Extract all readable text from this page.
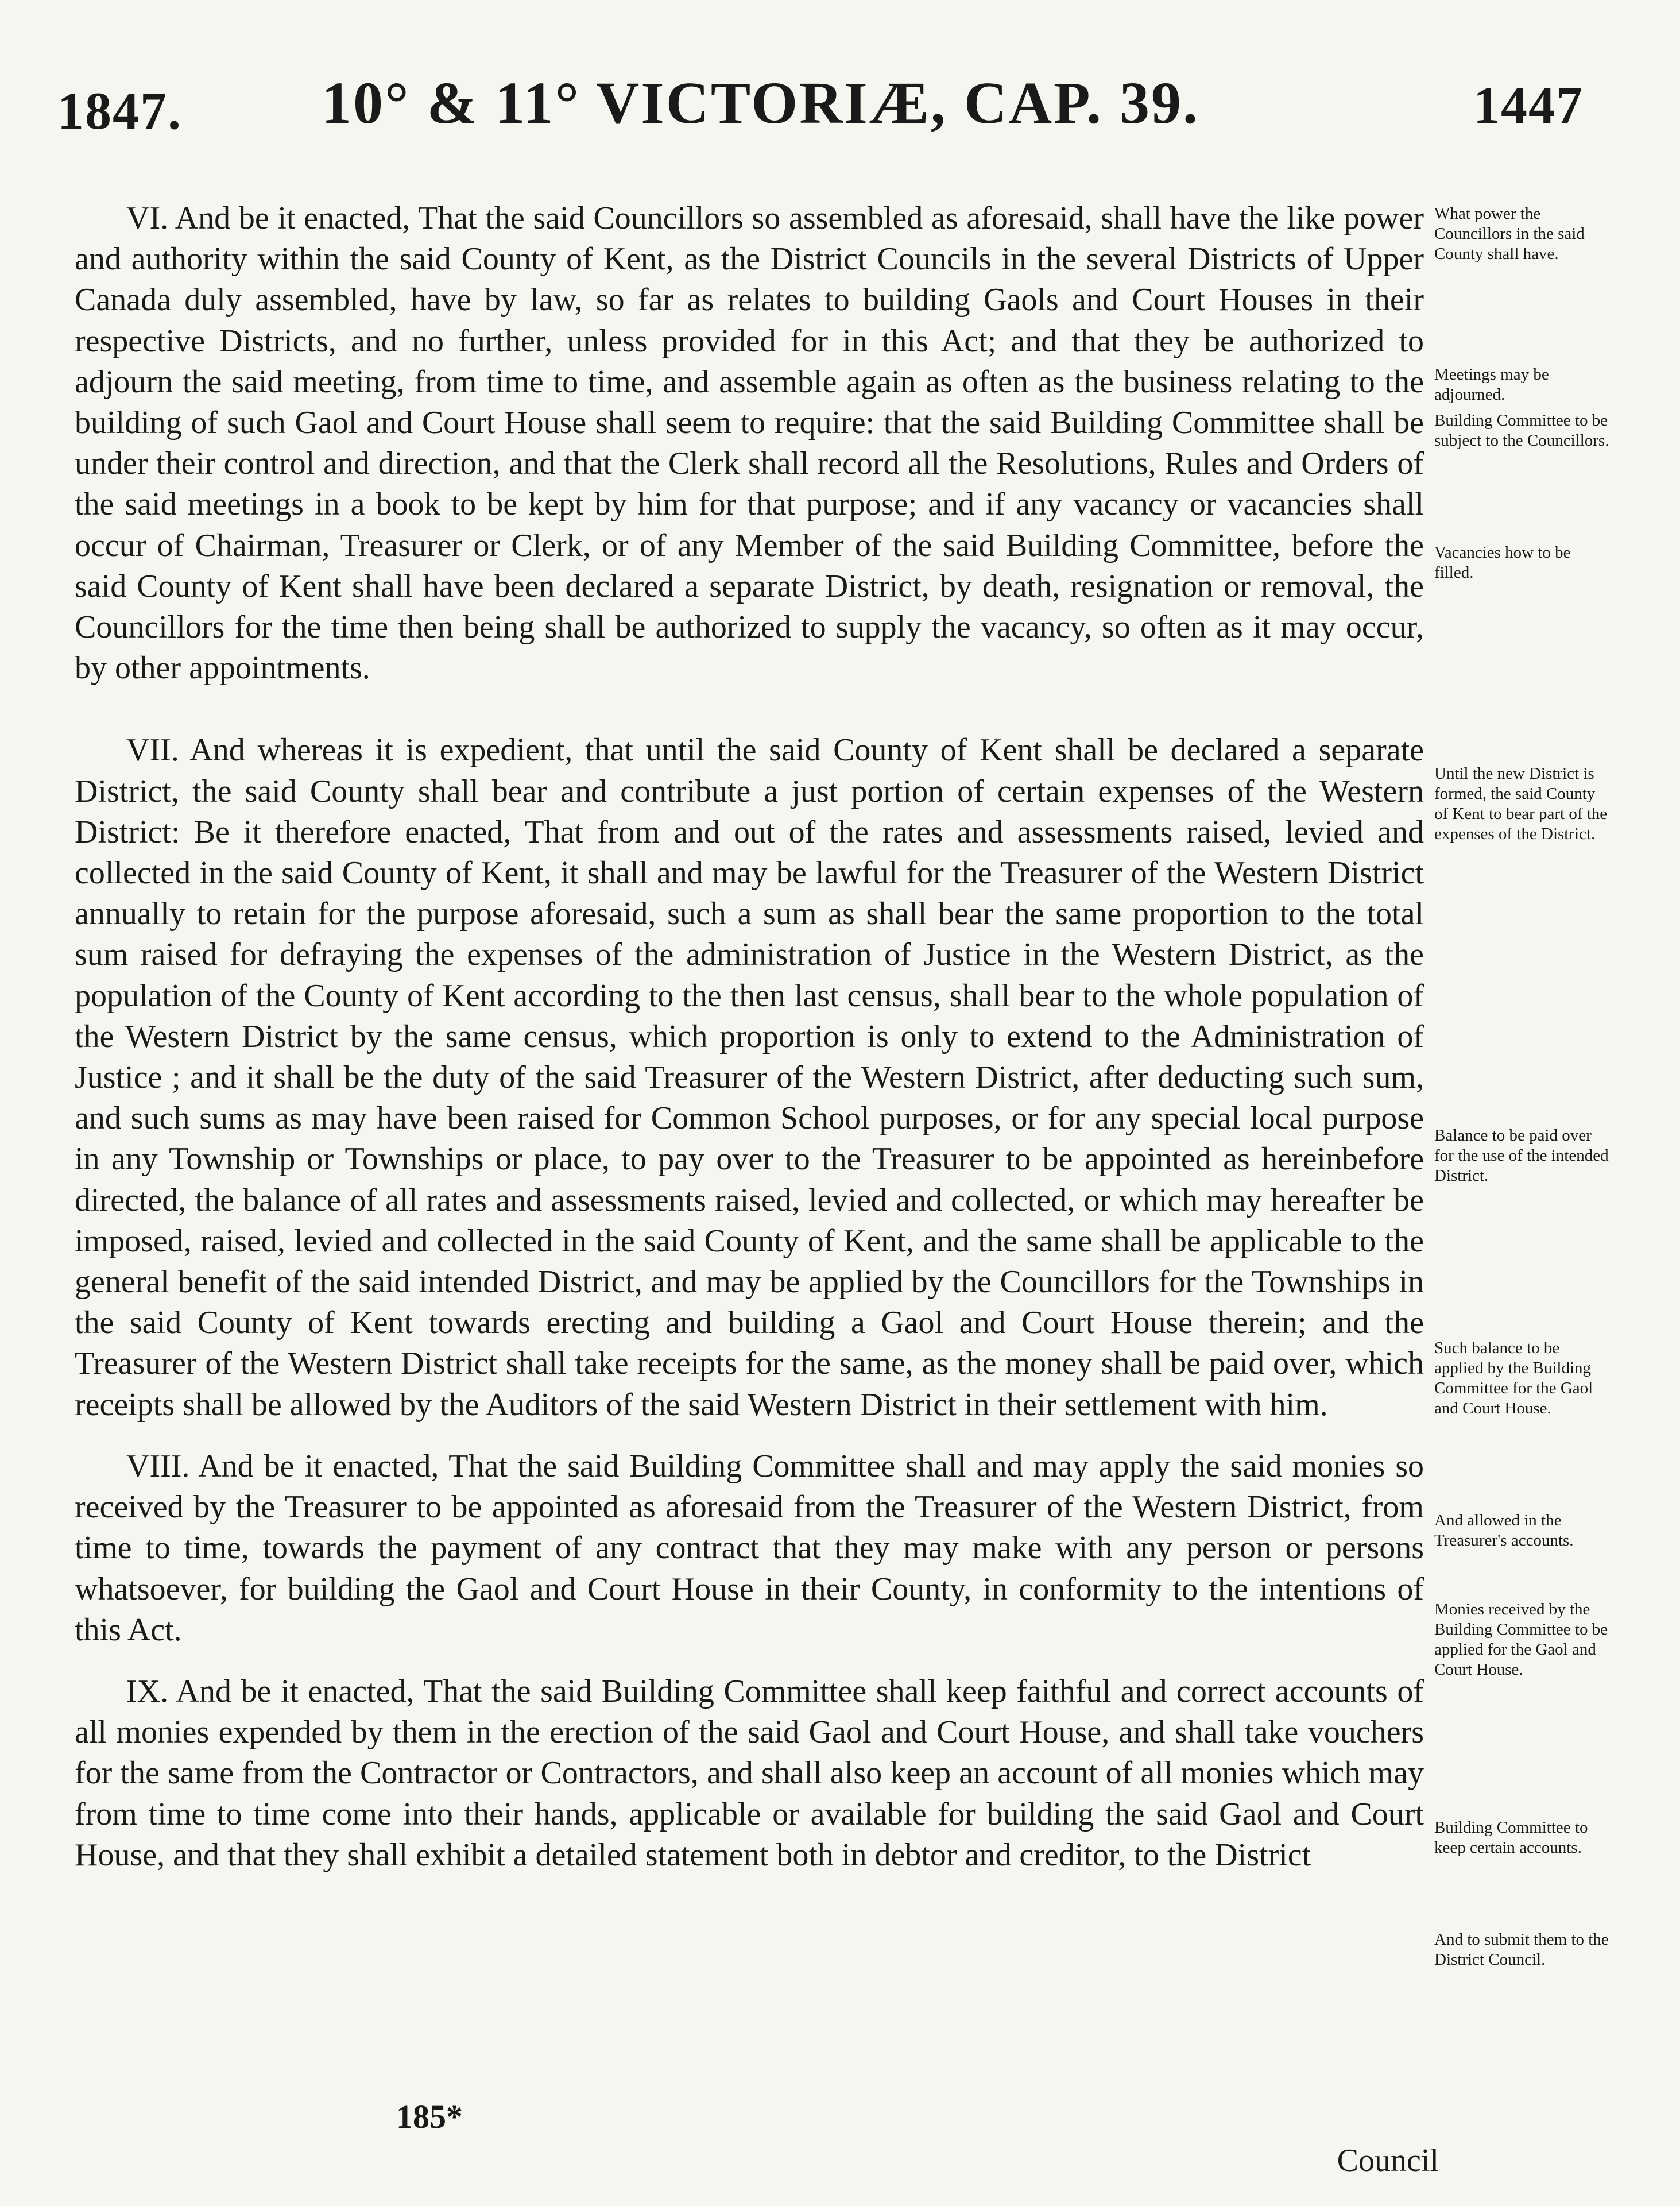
1847. 10° & 11° VICTORIÆ, CAP. 39.	1447

VI. And be it enacted, That the said Councillors so assembled as aforesaid, shall have the like power and authority within the said County of Kent, as the District Councils in the several Districts of Upper Canada duly assembled, have by law, so far as relates to building Gaols and Court Houses in their respective Districts, and no further, unless provided for in this Act; and that they be authorized to adjourn the said meeting, from time to time, and assemble again as often as the business relating to the building of such Gaol and Court House shall seem to require: that the said Building Committee shall be under their control and direction, and that the Clerk shall record all the Resolutions, Rules and Orders of the said meetings in a book to be kept by him for that purpose; and if any vacancy or vacancies shall occur of Chairman, Treasurer or Clerk, or of any Member of the said Building Committee, before the said County of Kent shall have been declared a separate District, by death, resignation or removal, the Councillors for the time then being shall be authorized to supply the vacancy, so often as it may occur, by other appointments.

VII. And whereas it is expedient, that until the said County of Kent shall be declared a separate District, the said County shall bear and contribute a just portion of certain expenses of the Western District: Be it therefore enacted, That from and out of the rates and assessments raised, levied and collected in the said County of Kent, it shall and may be lawful for the Treasurer of the Western District annually to retain for the purpose aforesaid, such a sum as shall bear the same proportion to the total sum raised for defraying the expenses of the administration of Justice in the Western District, as the population of the County of Kent according to the then last census, shall bear to the whole population of the Western District by the same census, which proportion is only to extend to the Administration of Justice ; and it shall be the duty of the said Treasurer of the Western District, after deducting such sum, and such sums as may have been raised for Common School purposes, or for any special local purpose in any Township or Townships or place, to pay over to the Treasurer to be appointed as hereinbefore directed, the balance of all rates and assessments raised, levied and collected, or which may hereafter be imposed, raised, levied and collected in the said County of Kent, and the same shall be applicable to the general benefit of the said intended District, and may be applied by the Councillors for the Townships in the said County of Kent towards erecting and building a Gaol and Court House therein; and the Treasurer of the Western District shall take receipts for the same, as the money shall be paid over, which receipts shall be allowed by the Auditors of the said Western District in their settlement with him.

VIII. And be it enacted, That the said Building Committee shall and may apply the said monies so received by the Treasurer to be appointed as aforesaid from the Treasurer of the Western District, from time to time, towards the payment of any contract that they may make with any person or persons whatsoever, for building the Gaol and Court House in their County, in conformity to the intentions of this Act.

IX. And be it enacted, That the said Building Committee shall keep faithful and correct accounts of all monies expended by them in the erection of the said Gaol and Court House, and shall take vouchers for the same from the Contractor or Contractors, and shall also keep an account of all monies which may from time to time come into their hands, applicable or available for building the said Gaol and Court House, and that they shall exhibit a detailed statement both in debtor and creditor, to the District

What power the Councillors in the said County shall have.
Meetings may be adjourned.
Building Committee to be subject to the Councillors.
Vacancies how to be filled.
Until the new District is formed, the said County of Kent to bear part of the expenses of the District.
Balance to be paid over for the use of the intended District.
Such balance to be applied by the Building Committee for the Gaol and Court House.
And allowed in the Treasurer's accounts.
Monies received by the Building Committee to be applied for the Gaol and Court House.
Building Committee to keep certain accounts.
And to submit them to the District Council.
Council
185*
